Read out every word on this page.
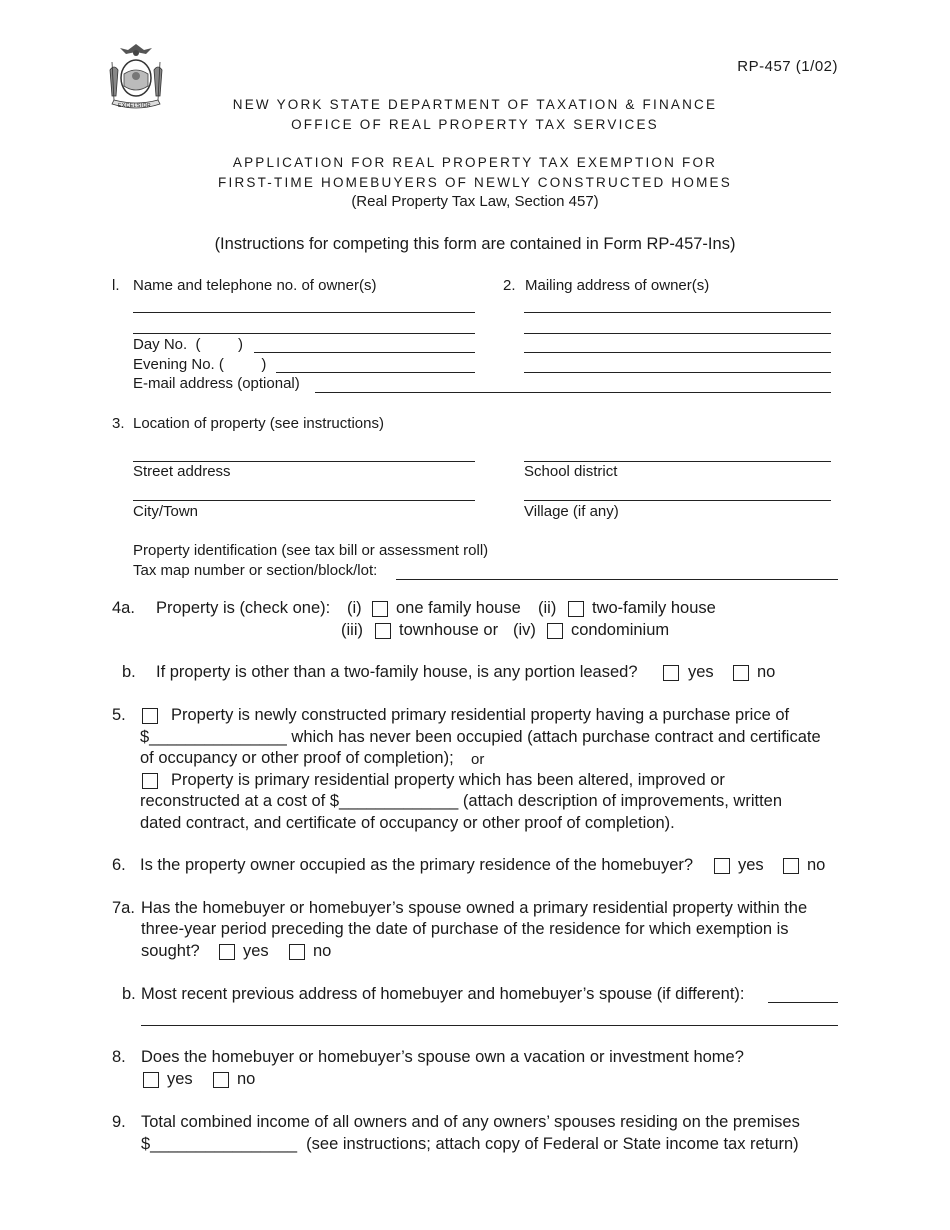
EXCELSIOR
RP-457 (1/02)
NEW YORK STATE DEPARTMENT OF TAXATION & FINANCE
OFFICE OF REAL PROPERTY TAX SERVICES
APPLICATION FOR REAL PROPERTY TAX EXEMPTION FOR
FIRST-TIME HOMEBUYERS OF NEWLY CONSTRUCTED HOMES
(Real Property Tax Law, Section 457)
(Instructions for competing this form are contained in Form RP-457-Ins)
l. Name and telephone no. of owner(s)
Day No.  (         )
Evening No. (         )
E-mail address (optional)
2. Mailing address of owner(s)
3. Location of property (see instructions)
Street address	School district
City/Town	Village (if any)
Property identification (see tax bill or assessment roll)
Tax map number or section/block/lot:
4a. Property is (check one): (i) one family house (ii) two-family house
(iii) townhouse or (iv) condominium
b. If property is other than a two-family house, is any portion leased?	yes	no
5.	Property is newly constructed primary residential property having a purchase price of
$_______________ which has never been occupied (attach purchase contract and certificate
of occupancy or other proof of completion); or
Property is primary residential property which has been altered, improved or
reconstructed at a cost of $_____________ (attach description of improvements, written
dated contract, and certificate of occupancy or other proof of completion).
6. Is the property owner occupied as the primary residence of the homebuyer?	yes	no
7a. Has the homebuyer or homebuyer’s spouse owned a primary residential property within the
three-year period preceding the date of purchase of the residence for which exemption is
sought?	yes	no
b. Most recent previous address of homebuyer and homebuyer’s spouse (if different):
8. Does the homebuyer or homebuyer’s spouse own a vacation or investment home?
yes	no
9. Total combined income of all owners and of any owners’ spouses residing on the premises
$________________  (see instructions; attach copy of Federal or State income tax return)
